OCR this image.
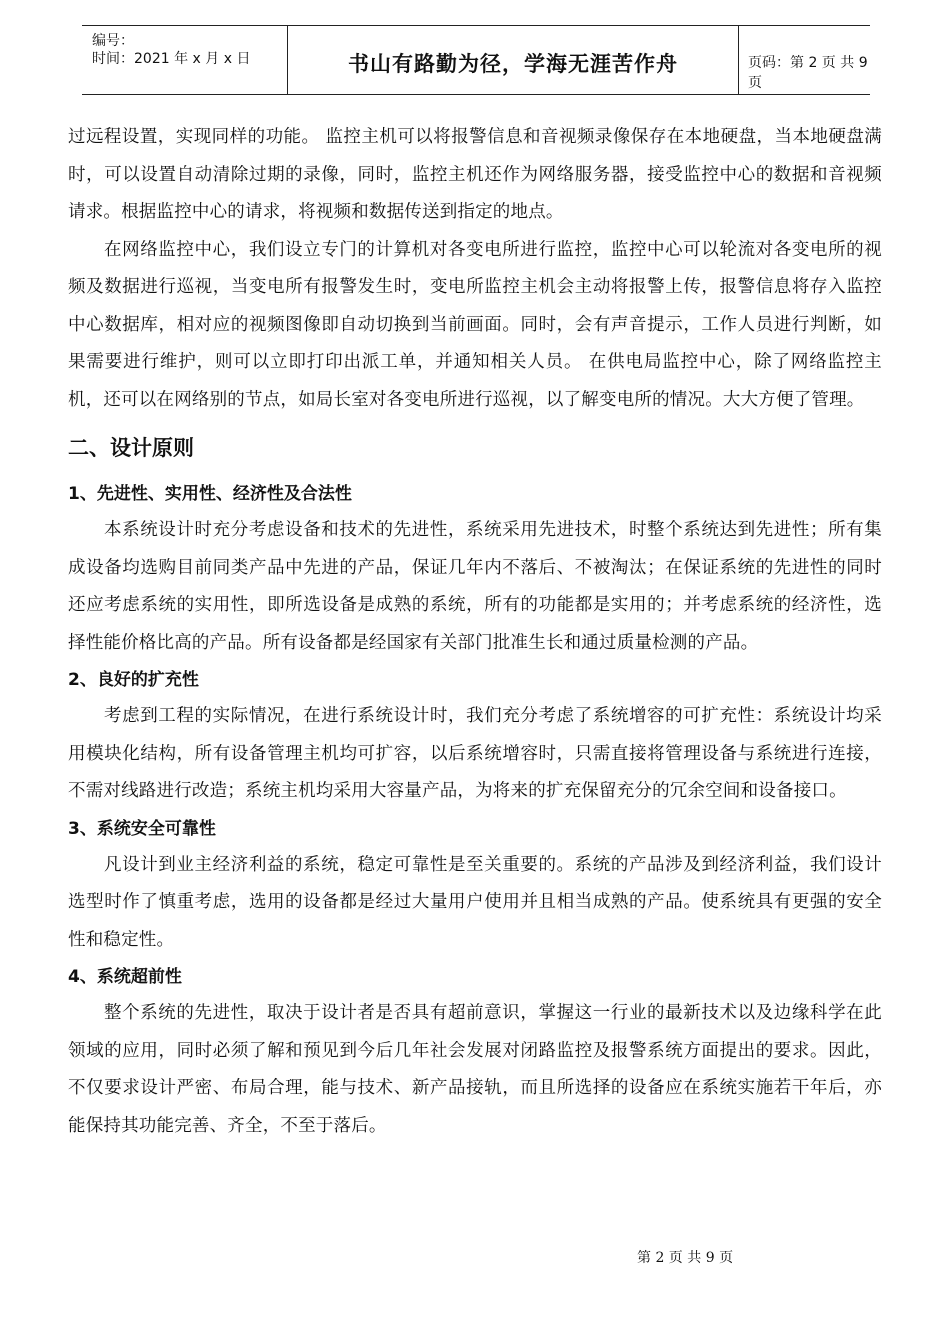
编号：
时间：2021 年 x 月 x 日	书山有路勤为径，学海无涯苦作舟	页码：第 2 页 共 9 页

过远程设置，实现同样的功能。 监控主机可以将报警信息和音视频录像保存在本地硬盘，当本地硬盘满时，可以设置自动清除过期的录像，同时，监控主机还作为网络服务器，接受监控中心的数据和音视频请求。根据监控中心的请求，将视频和数据传送到指定的地点。

在网络监控中心，我们设立专门的计算机对各变电所进行监控，监控中心可以轮流对各变电所的视频及数据进行巡视，当变电所有报警发生时，变电所监控主机会主动将报警上传，报警信息将存入监控中心数据库，相对应的视频图像即自动切换到当前画面。同时，会有声音提示，工作人员进行判断，如果需要进行维护，则可以立即打印出派工单，并通知相关人员。 在供电局监控中心，除了网络监控主机，还可以在网络别的节点，如局长室对各变电所进行巡视，以了解变电所的情况。大大方便了管理。

二、设计原则
1、先进性、实用性、经济性及合法性

本系统设计时充分考虑设备和技术的先进性，系统采用先进技术，时整个系统达到先进性；所有集成设备均选购目前同类产品中先进的产品，保证几年内不落后、不被淘汰；在保证系统的先进性的同时还应考虑系统的实用性，即所选设备是成熟的系统，所有的功能都是实用的；并考虑系统的经济性，选择性能价格比高的产品。所有设备都是经国家有关部门批准生长和通过质量检测的产品。

2、良好的扩充性

考虑到工程的实际情况，在进行系统设计时，我们充分考虑了系统增容的可扩充性：系统设计均采用模块化结构，所有设备管理主机均可扩容，以后系统增容时，只需直接将管理设备与系统进行连接，不需对线路进行改造；系统主机均采用大容量产品，为将来的扩充保留充分的冗余空间和设备接口。

3、系统安全可靠性

凡设计到业主经济利益的系统，稳定可靠性是至关重要的。系统的产品涉及到经济利益，我们设计选型时作了慎重考虑，选用的设备都是经过大量用户使用并且相当成熟的产品。使系统具有更强的安全性和稳定性。

4、系统超前性

整个系统的先进性，取决于设计者是否具有超前意识，掌握这一行业的最新技术以及边缘科学在此领域的应用，同时必须了解和预见到今后几年社会发展对闭路监控及报警系统方面提出的要求。因此，不仅要求设计严密、布局合理，能与技术、新产品接轨，而且所选择的设备应在系统实施若干年后，亦能保持其功能完善、齐全，不至于落后。

第 2 页 共 9 页
